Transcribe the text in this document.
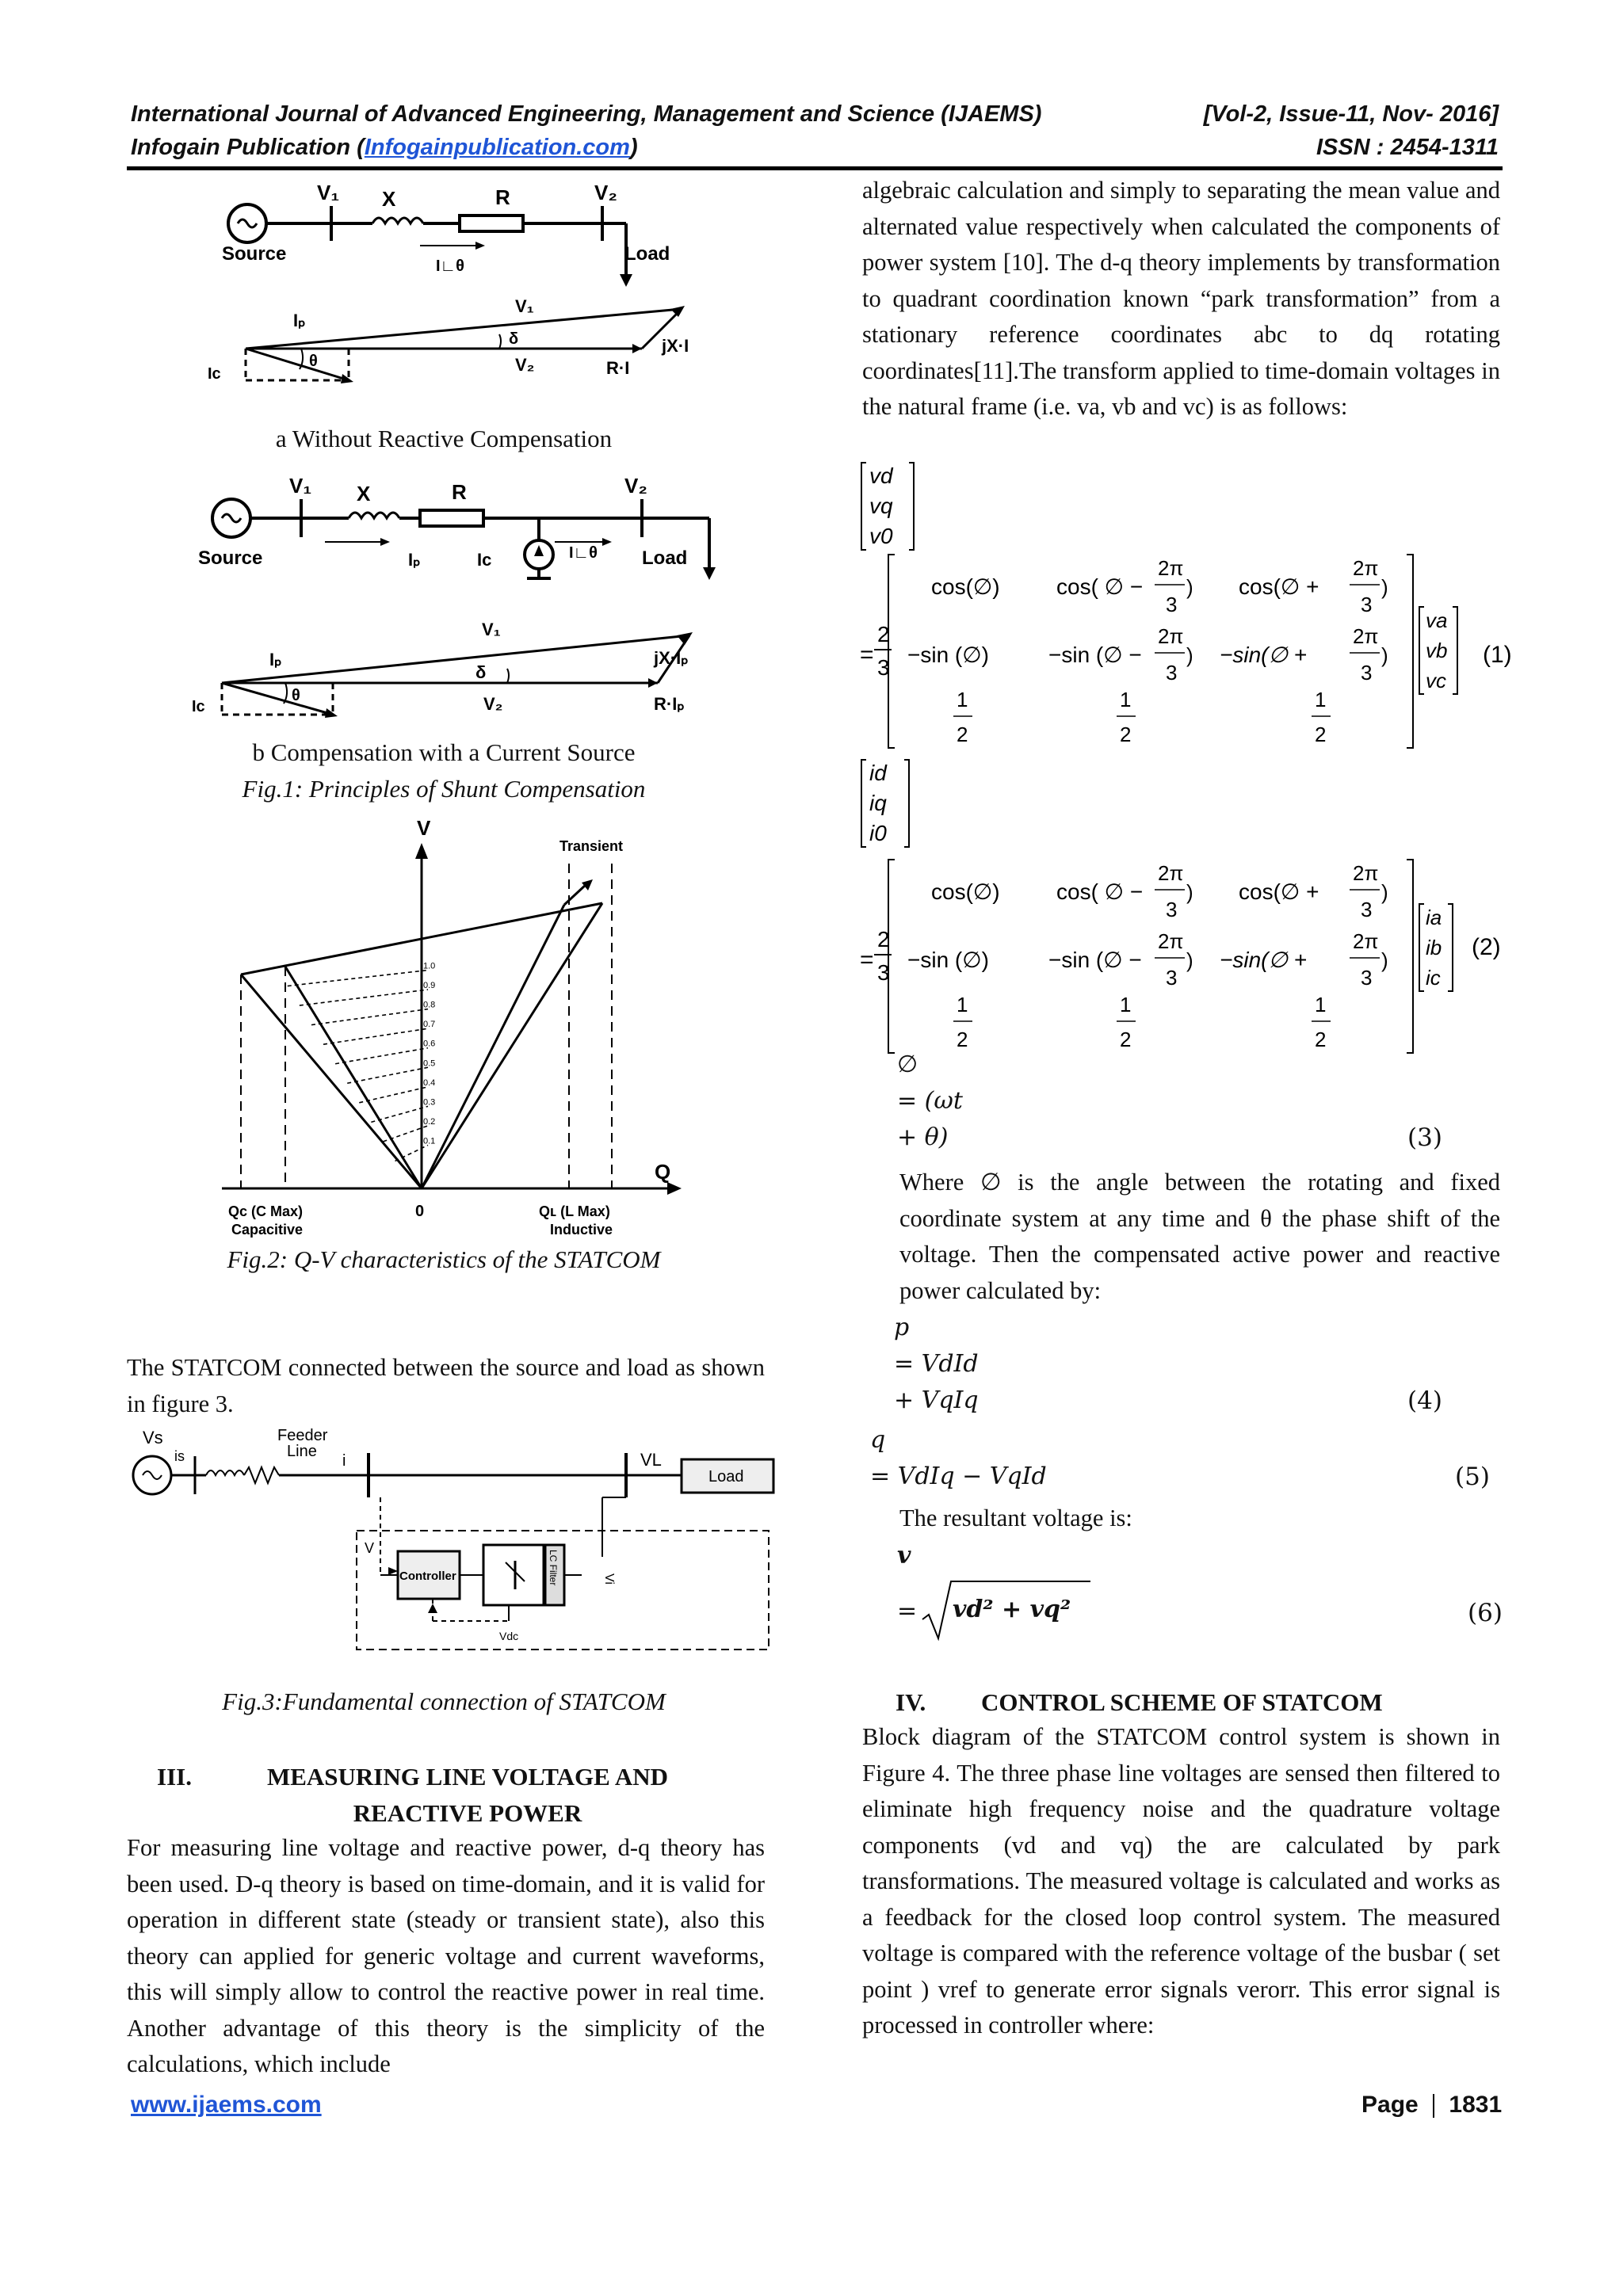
International Journal of Advanced Engineering, Management and Science (IJAEMS)	[Vol-2, Issue-11, Nov- 2016]
Infogain Publication (Infogainpublication.com)	ISSN : 2454-1311
V₁ X	R	V₂
Source	Load
I∟θ
Iₚ
Iᴄ
θ
δ
V₁
V₂
jX·I
R·I
a Without Reactive Compensation
V₁ X	R	V₂
Source	Iₚ	Iᴄ	I∟θ Load
Iₚ
Iᴄ
θ
δ
V₁
V₂
jX·Iₚ
R·Iₚ
b Compensation with a Current Source
Fig.1: Principles of Shunt Compensation
1.0
0.9
0.8
0.7
0.6
0.5
0.4
0.3
0.2
0.1
V
Q
Transient
Qᴄ (C Max)
Capacitive
0	Qʟ (L Max)
Inductive
Fig.2: Q-V characteristics of the STATCOM
The STATCOM connected between the source and load as shown in figure 3.
Vs
is
Feeder
Line
i	VL
Load
V
Controller	LC Filter	Vi
Vdc
Fig.3:Fundamental connection of STATCOM
III.	MEASURING LINE VOLTAGE AND
REACTIVE POWER
For measuring line voltage and reactive power, d-q theory has been used. D-q theory is based on time-domain, and it is valid for operation in different state (steady or transient state), also this theory can applied for generic voltage and current waveforms, this will simply allow to control the reactive power in real time. Another advantage of this theory is the simplicity of the calculations, which include
algebraic calculation and simply to separating the mean value and alternated value respectively when calculated the components of power system [10]. The d-q theory implements by transformation to quadrant coordination known “park transformation” from a stationary reference coordinates abc to dq rotating coordinates[11].The transform applied to time-domain voltages in the natural frame (i.e. va, vb and vc) is as follows:
vd
vq
v0
=
2
3
cos(∅)	cos( ∅ −	cos(∅ +
−sin (∅)	−sin (∅ −	−sin(∅ +
2π
3
)
2π
3
)
2π
3
)
2π
3
)
1
2
1
2
1
2
va
vb
vc
(1)
id
iq
i0
=
2
3
cos(∅)	cos( ∅ −	cos(∅ +
−sin (∅)	−sin (∅ −	−sin(∅ +
2π
3
)
2π
3
)
2π
3
)
2π
3
)
1
2
1
2
1
2
ia
ib
ic
(2)
∅
= (ωt
+ θ)	(3)
Where ∅ is the angle between the rotating and fixed coordinate system at any time and θ the phase shift of the voltage. Then the compensated active power and reactive power calculated by:
p
= VdId
+ VqIq	(4)
q
= VdIq − VqId	(5)
The resultant voltage is:
v
= vd² + vq²	(6)
IV. CONTROL SCHEME OF STATCOM
Block diagram of the STATCOM control system is shown in Figure 4. The three phase line voltages are sensed then filtered to eliminate high frequency noise and the quadrature voltage components (vd and vq) the are calculated by park transformations. The measured voltage is calculated and works as a feedback for the closed loop control system. The measured voltage is compared with the reference voltage of the busbar ( set point ) vref to generate error signals verorr. This error signal is processed in controller where:
www.ijaems.com	Page 1831
